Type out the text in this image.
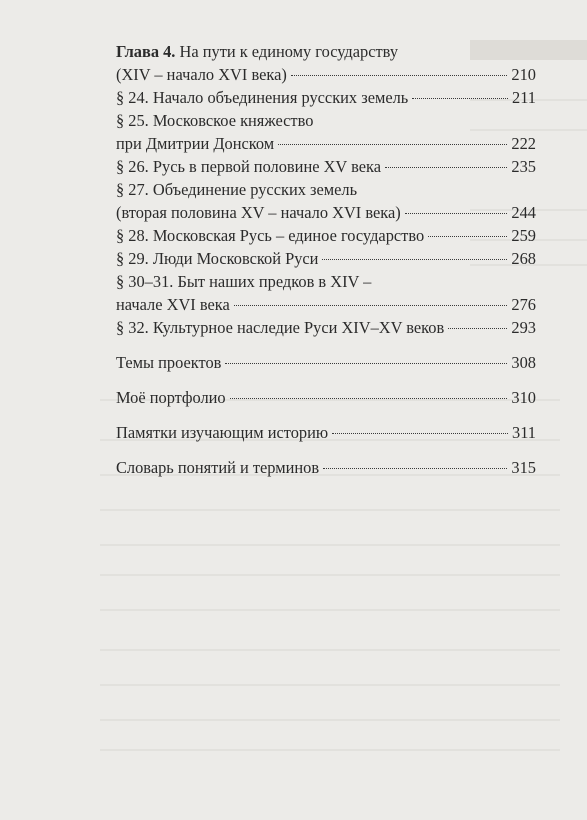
Глава 4. На пути к единому государству
(XIV – начало XVI века)	210
§ 24. Начало объединения русских земель	211
§ 25. Московское княжество
при Дмитрии Донском	222
§ 26. Русь в первой половине XV века	235
§ 27. Объединение русских земель
(вторая половина XV – начало XVI века)	244
§ 28. Московская Русь – единое государство	259
§ 29. Люди Московской Руси	268
§ 30–31. Быт наших предков в XIV –
начале XVI века	276
§ 32. Культурное наследие Руси XIV–XV веков	293
Темы проектов	308
Моё портфолио	310
Памятки изучающим историю	311
Словарь понятий и терминов	315
